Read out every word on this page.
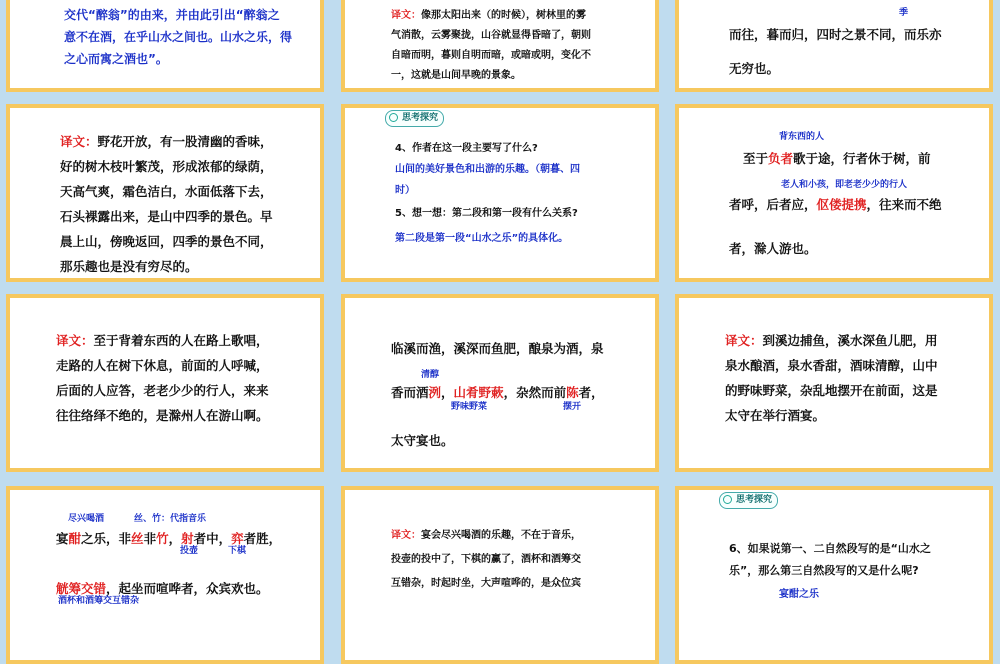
交代“醉翁”的由来，并由此引出“醉翁之
意不在酒，在乎山水之间也。山水之乐，得
之心而寓之酒也”。
译文：像那太阳出来（的时候），树林里的雾
气消散，云雾聚拢，山谷就显得昏暗了，朝则
自暗而明，暮则自明而暗，或暗或明，变化不
一，这就是山间早晚的景象。
季
而往，暮而归，四时之景不同，而乐亦
无穷也。
译文：野花开放，有一股清幽的香味，
好的树木枝叶繁茂，形成浓郁的绿荫，
天高气爽，霜色洁白，水面低落下去，
石头裸露出来，是山中四季的景色。早
晨上山，傍晚返回，四季的景色不同，
那乐趣也是没有穷尽的。
思考探究
4、作者在这一段主要写了什么?
山间的美好景色和出游的乐趣。（朝暮、四
时）
5、想一想：第二段和第一段有什么关系?
第二段是第一段“山水之乐”的具体化。
背东西的人
至于负者歌于途，行者休于树，前
老人和小孩，即老老少少的行人
者呼，后者应，伛偻提携，往来而不绝
者，滁人游也。
译文：至于背着东西的人在路上歌唱，
走路的人在树下休息，前面的人呼喊，
后面的人应答，老老少少的行人，来来
往往络绎不绝的，是滁州人在游山啊。
临溪而渔，溪深而鱼肥，酿泉为酒，泉
清醇
香而酒洌，山肴野蔌，杂然而前陈者，
野味野菜	摆开
太守宴也。
译文：到溪边捕鱼，溪水深鱼儿肥，用
泉水酿酒，泉水香甜，酒味清醇，山中
的野味野菜，杂乱地摆开在前面，这是
太守在举行酒宴。
尽兴喝酒	丝、竹：代指音乐
宴酣之乐，非丝非竹，射者中，弈者胜，
投壶	下棋
觥筹交错，起坐而喧哗者，众宾欢也。
酒杯和酒筹交互错杂
译文：宴会尽兴喝酒的乐趣，不在于音乐，
投壶的投中了，下棋的赢了，酒杯和酒筹交
互错杂，时起时坐，大声喧哗的，是众位宾
思考探究
6、如果说第一、二自然段写的是“山水之
乐”，那么第三自然段写的又是什么呢?
宴酣之乐
